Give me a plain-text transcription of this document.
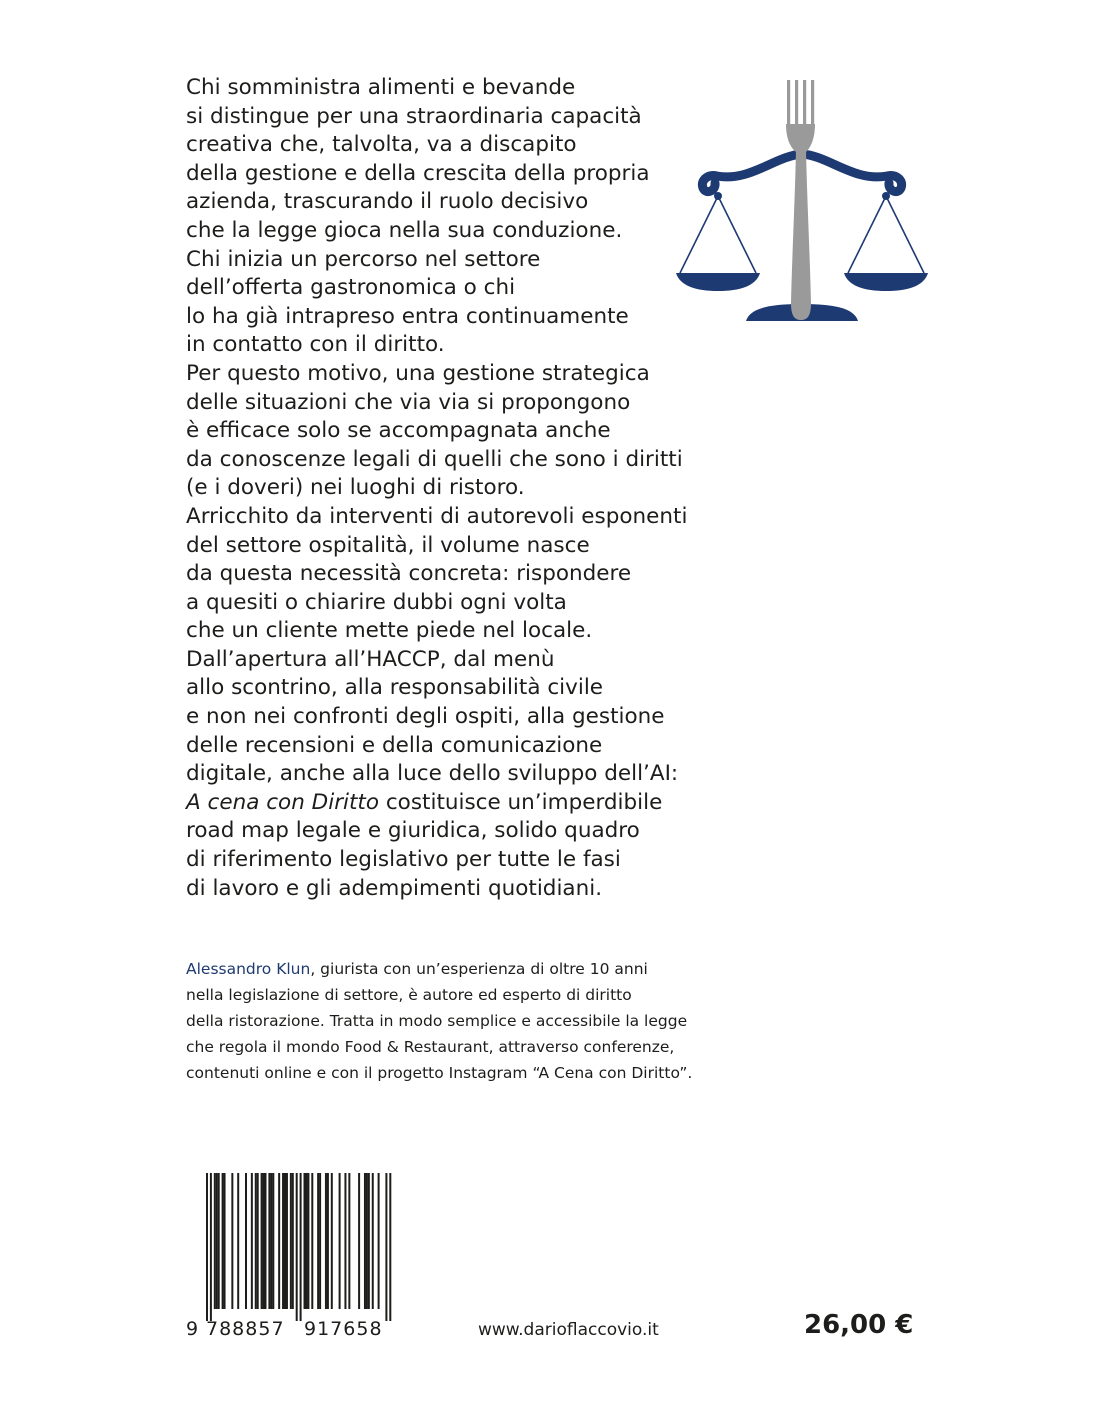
Chi somministra alimenti e bevande
si distingue per una straordinaria capacità
creativa che, talvolta, va a discapito
della gestione e della crescita della propria
azienda, trascurando il ruolo decisivo
che la legge gioca nella sua conduzione.
Chi inizia un percorso nel settore
dell’offerta gastronomica o chi
lo ha già intrapreso entra continuamente
in contatto con il diritto.
Per questo motivo, una gestione strategica
delle situazioni che via via si propongono
è efficace solo se accompagnata anche
da conoscenze legali di quelli che sono i diritti
(e i doveri) nei luoghi di ristoro.
Arricchito da interventi di autorevoli esponenti
del settore ospitalità, il volume nasce
da questa necessità concreta: rispondere
a quesiti o chiarire dubbi ogni volta
che un cliente mette piede nel locale.
Dall’apertura all’HACCP, dal menù
allo scontrino, alla responsabilità civile
e non nei confronti degli ospiti, alla gestione
delle recensioni e della comunicazione
digitale, anche alla luce dello sviluppo dell’AI:
A cena con Diritto costituisce un’imperdibile
road map legale e giuridica, solido quadro
di riferimento legislativo per tutte le fasi
di lavoro e gli adempimenti quotidiani.
Alessandro Klun, giurista con un’esperienza di oltre 10 anni
nella legislazione di settore, è autore ed esperto di diritto
della ristorazione. Tratta in modo semplice e accessibile la legge
che regola il mondo Food & Restaurant, attraverso conferenze,
contenuti online e con il progetto Instagram “A Cena con Diritto”.
9 788857 917658	www.darioflaccovio.it	26,00 €
